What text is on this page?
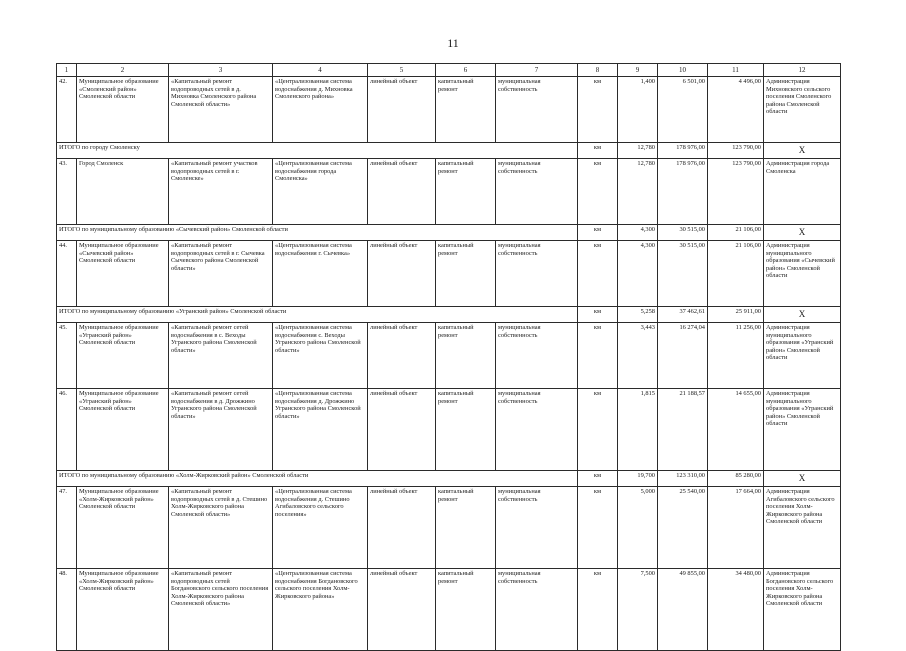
11
1	2	3	4	5	6	7	8	9	10	11	12
42.	Муниципальное образование «Смоленский район» Смоленской области	«Капитальный ремонт водопроводных сетей в д. Михновка Смоленского района Смоленской области»	«Централизованная система водоснабжения д. Михновка Смоленского района»	линейный объект	капитальный ремонт	муниципальная собственность	км	1,400	6 501,00	4 496,00	Администрация Михновского сельского поселения Смоленского района Смоленской области
ИТОГО по городу Смоленску							км	12,780	178 976,00	123 790,00	Х
43.	Город Смоленск	«Капитальный ремонт участков водопроводных сетей в г. Смоленске»	«Централизованная система водоснабжения города Смоленска»	линейный объект	капитальный ремонт	муниципальная собственность	км	12,780	178 976,00	123 790,00	Администрация города Смоленска
ИТОГО по муниципальному образованию «Сычевский район» Смоленской области							км	4,300	30 515,00	21 106,00	Х
44.	Муниципальное образование «Сычевский район» Смоленской области	«Капитальный ремонт водопроводных сетей в г. Сычевка Сычевского района Смоленской области»	«Централизованная система водоснабжения г. Сычевка»	линейный объект	капитальный ремонт	муниципальная собственность	км	4,300	30 515,00	21 106,00	Администрация муниципального образования «Сычевский район» Смоленской области
ИТОГО по муниципальному образованию «Угранский район» Смоленской области							км	5,258	37 462,61	25 911,00	Х
45.	Муниципальное образование «Угранский район» Смоленской области	«Капитальный ремонт сетей водоснабжения в с. Веходы Угранского района Смоленской области»	«Централизованная система водоснабжения с. Веходы Угранского района Смоленской области»	линейный объект	капитальный ремонт	муниципальная собственность	км	3,443	16 274,04	11 256,00	Администрация муниципального образования «Угранский район» Смоленской области
46.	Муниципальное образование «Угранский район» Смоленской области	«Капитальный ремонт сетей водоснабжения в д. Дрожжино Угранского района Смоленской области»	«Централизованная система водоснабжения д. Дрожжино Угранского района Смоленской области»	линейный объект	капитальный ремонт	муниципальная собственность	км	1,815	21 188,57	14 655,00	Администрация муниципального образования «Угранский район» Смоленской области
ИТОГО по муниципальному образованию «Холм-Жирковский район» Смоленской области							км	19,700	123 310,00	85 280,00	Х
47.	Муниципальное образование «Холм-Жирковский район» Смоленской области	«Капитальный ремонт водопроводных сетей в д. Стешино Холм-Жирковского района Смоленской области»	«Централизованная система водоснабжения д. Стешино Агибаловского сельского поселения»	линейный объект	капитальный ремонт	муниципальная собственность	км	5,000	25 540,00	17 664,00	Администрация Агибаловского сельского поселения Холм-Жирковского района Смоленской области
48.	Муниципальное образование «Холм-Жирковский район» Смоленской области	«Капитальный ремонт водопроводных сетей Богдановского сельского поселения Холм-Жирковского района Смоленской области»	«Централизованная система водоснабжения Богдановского сельского поселения Холм-Жирковского района»	линейный объект	капитальный ремонт	муниципальная собственность	км	7,500	49 855,00	34 480,00	Администрация Богдановского сельского поселения Холм-Жирковского района Смоленской области
